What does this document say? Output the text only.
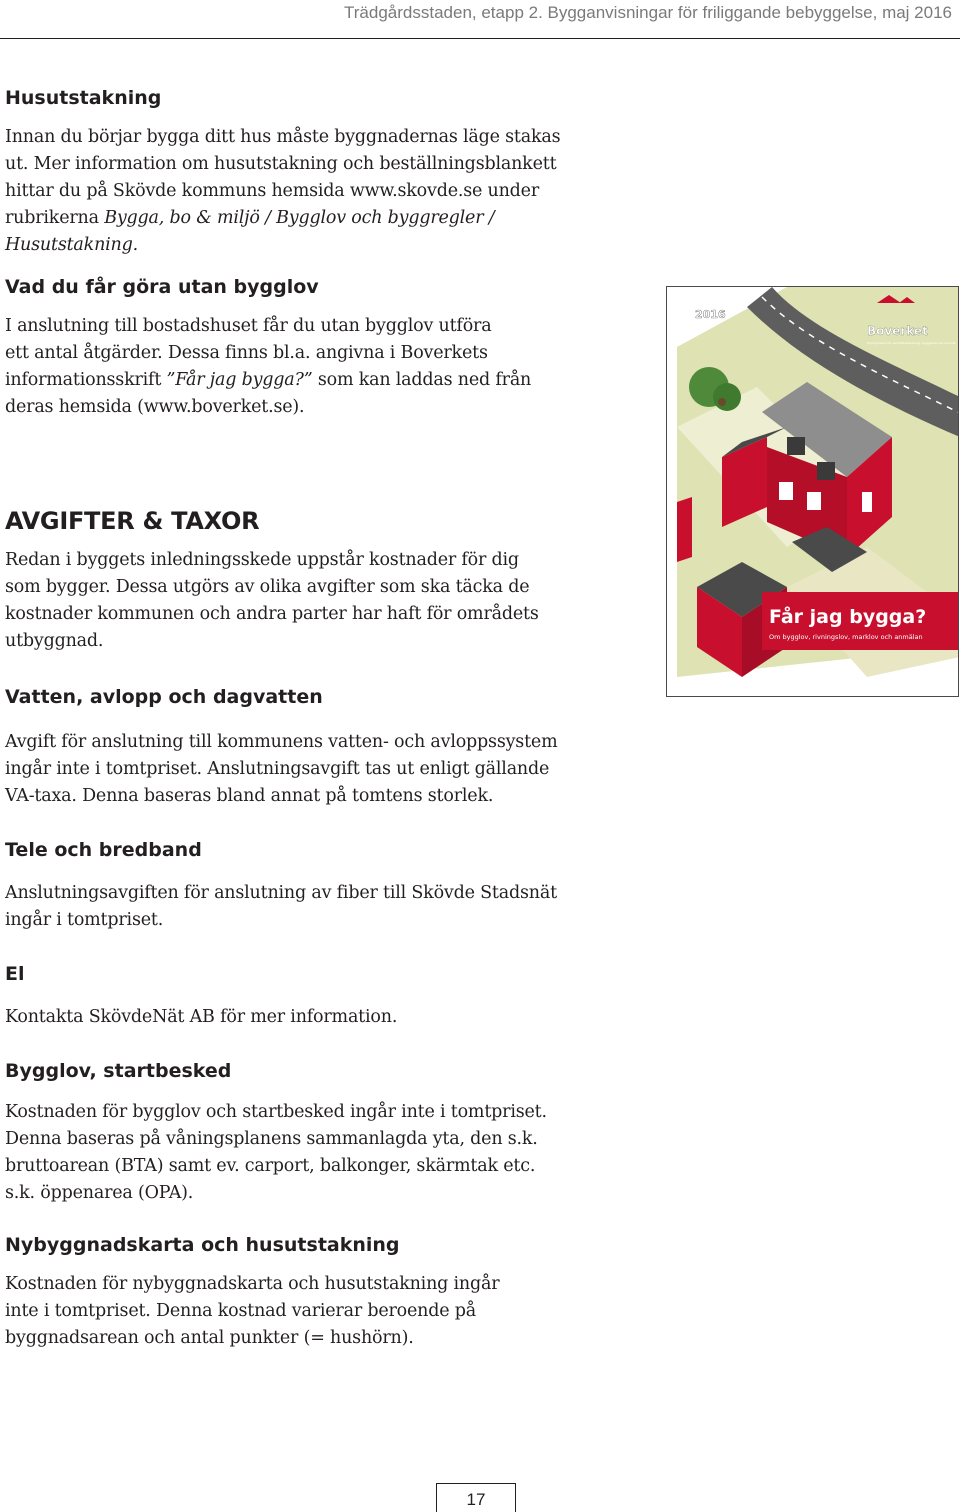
Trädgårdsstaden, etapp 2. Bygganvisningar för friliggande bebyggelse, maj 2016
Husutstakning

Innan du börjar bygga ditt hus måste byggnadernas läge stakas
ut. Mer information om husutstakning och beställningsblankett
hittar du på Skövde kommuns hemsida www.skovde.se under
rubrikerna Bygga, bo & miljö / Bygglov och byggregler /
Husutstakning.

Vad du får göra utan bygglov

I anslutning till bostadshuset får du utan bygglov utföra
ett antal åtgärder. Dessa finns bl.a. angivna i Boverkets
informationsskrift ”Får jag bygga?” som kan laddas ned från
deras hemsida (www.boverket.se).

AVGIFTER & TAXOR

Redan i byggets inledningsskede uppstår kostnader för dig
som bygger. Dessa utgörs av olika avgifter som ska täcka de
kostnader kommunen och andra parter har haft för områdets
utbyggnad.

Vatten, avlopp och dagvatten

Avgift för anslutning till kommunens vatten- och avloppssystem
ingår inte i tomtpriset. Anslutningsavgift tas ut enligt gällande
VA-taxa. Denna baseras bland annat på tomtens storlek.

Tele och bredband

Anslutningsavgiften för anslutning av fiber till Skövde Stadsnät
ingår i tomtpriset.

El

Kontakta SkövdeNät AB för mer information.

Bygglov, startbesked

Kostnaden för bygglov och startbesked ingår inte i tomtpriset.
Denna baseras på våningsplanens sammanlagda yta, den s.k.
bruttoarean (BTA) samt ev. carport, balkonger, skärmtak etc.
s.k. öppenarea (OPA).

Nybyggnadskarta och husutstakning

Kostnaden för nybyggnadskarta och husutstakning ingår
inte i tomtpriset. Denna kostnad varierar beroende på
byggnadsarean och antal punkter (= hushörn).

2016
Boverket
Myndigheten för samhällsplanering, byggande och boende
Får jag bygga?
Om bygglov, rivningslov, marklov och anmälan
17
